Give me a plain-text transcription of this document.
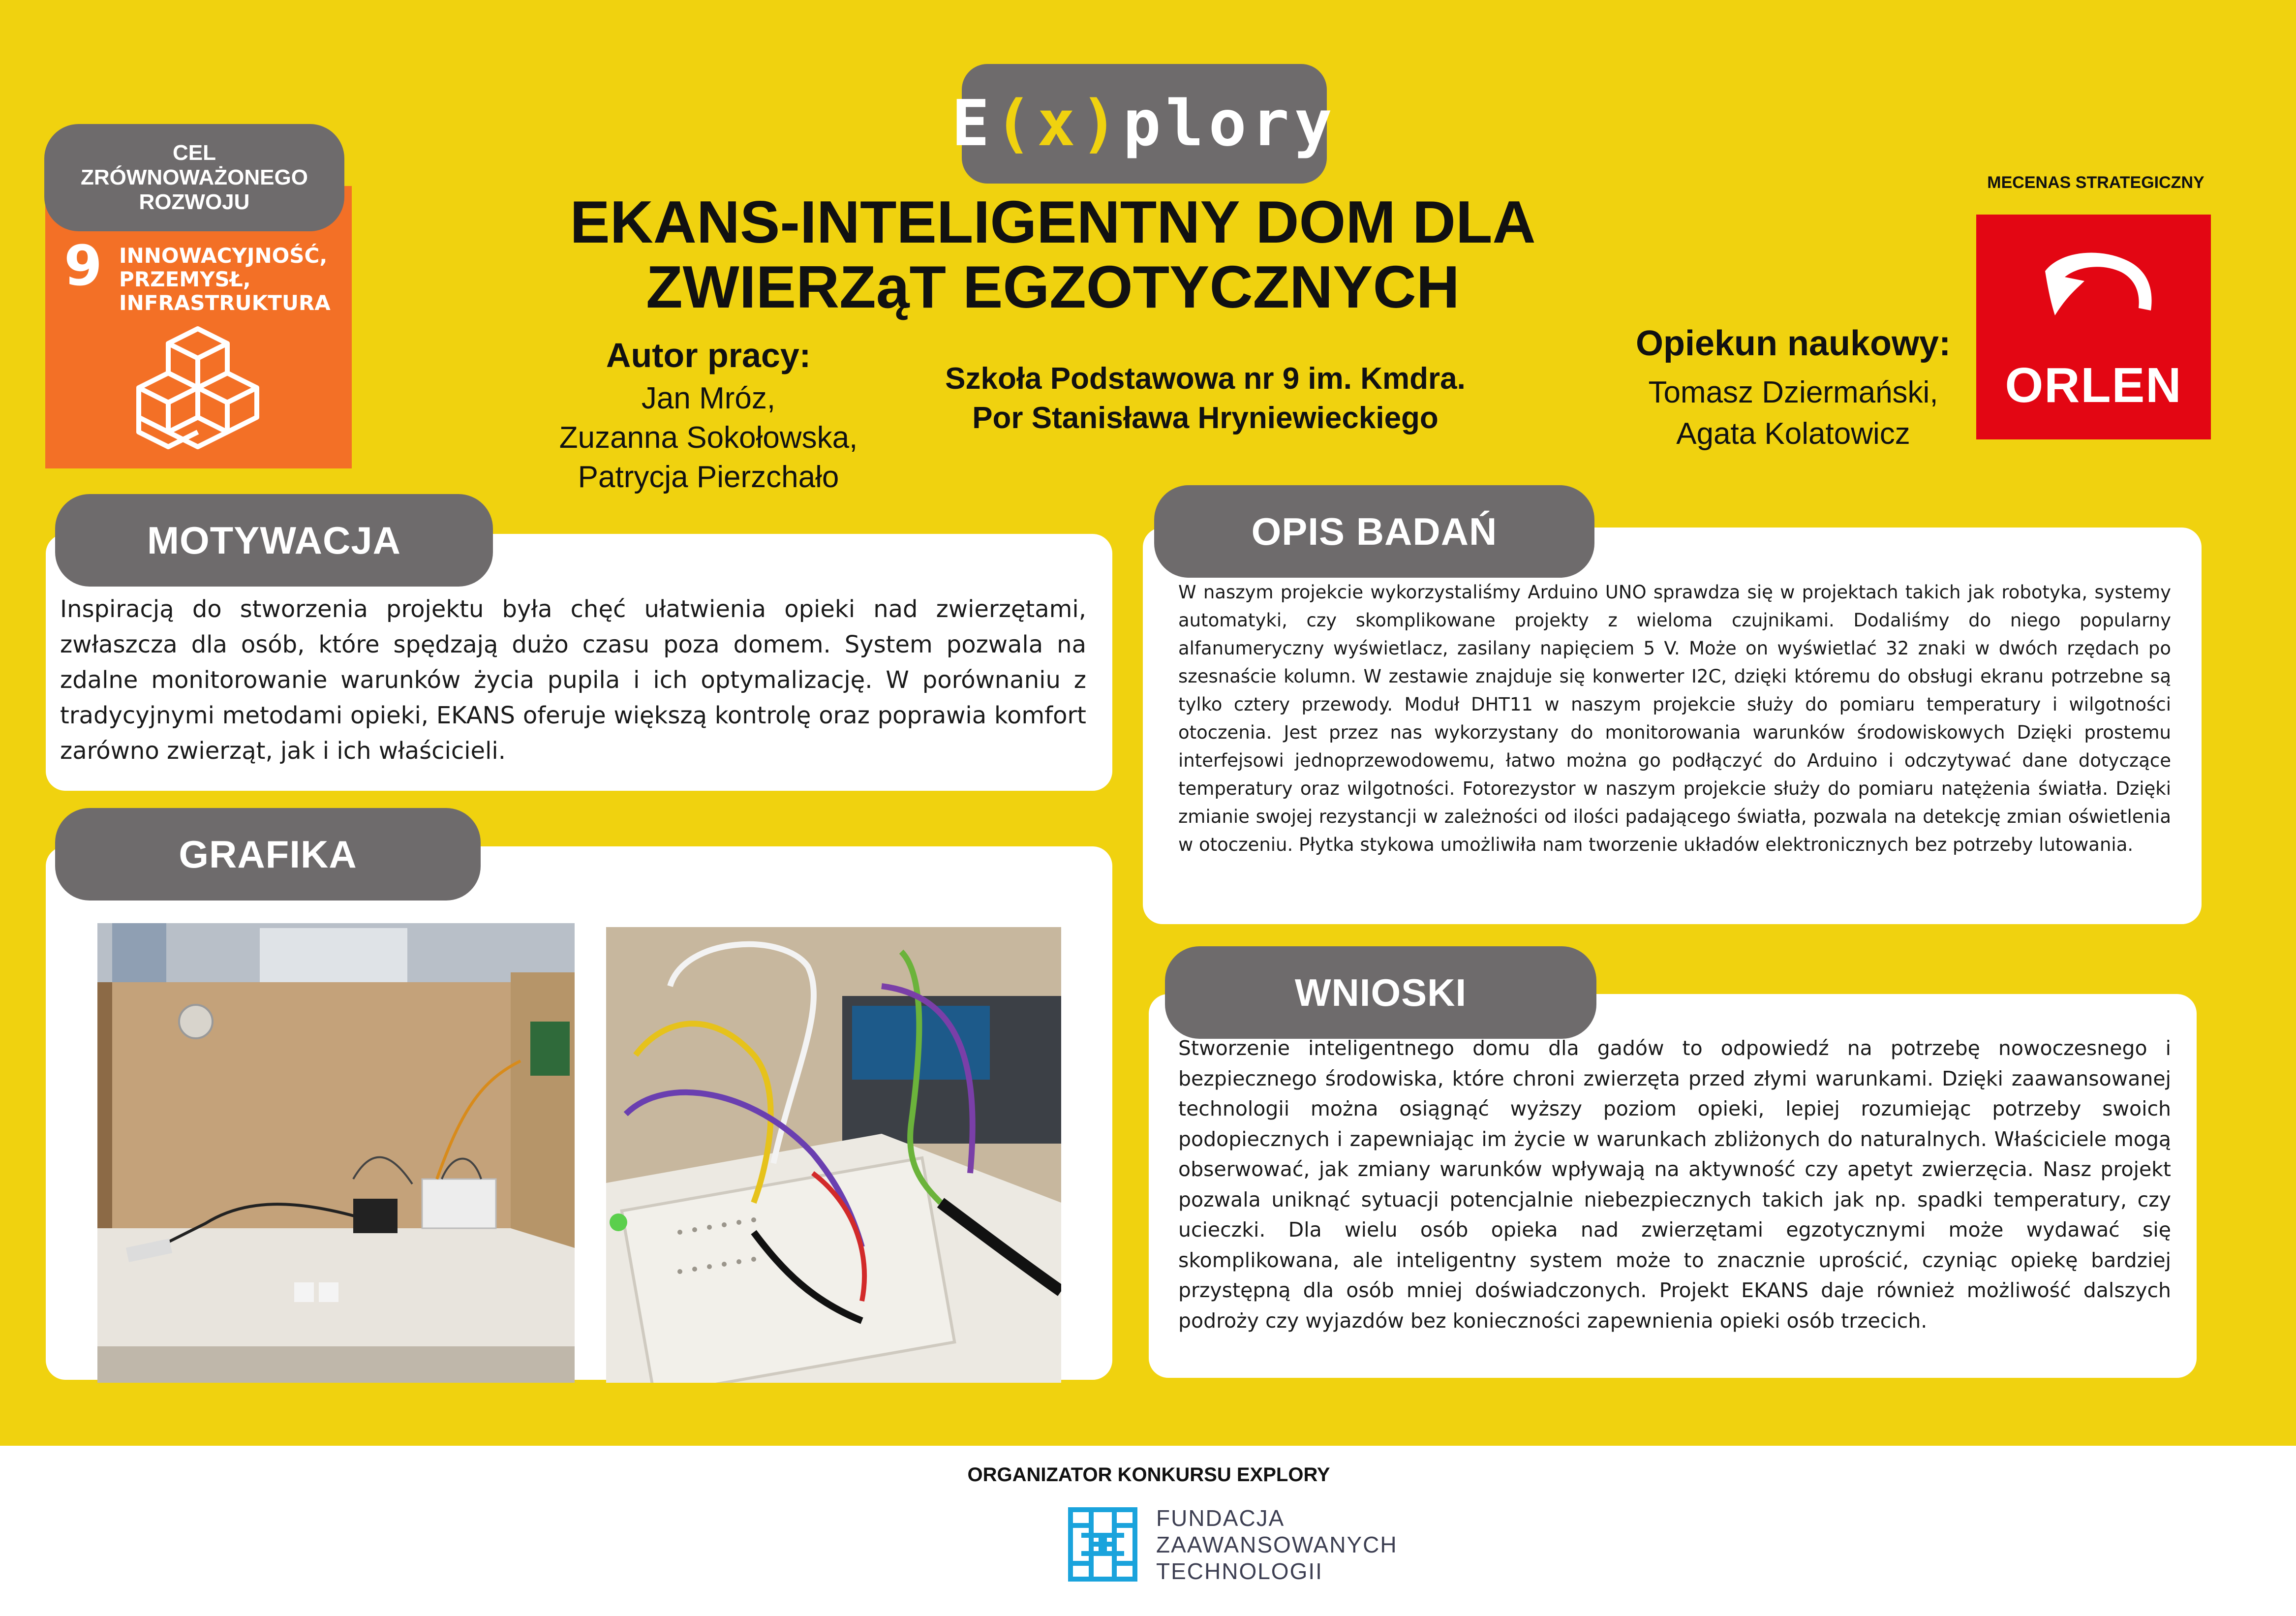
E (x) plory
9 INNOWACYJNOŚĆ,
PRZEMYSŁ,
INFRASTRUKTURA
CEL
ZRÓWNOWAŻONEGO
ROZWOJU	EKANS-INTELIGENTNY DOM DLA
ZWIERZąT EGZOTYCZNYCH
Autor pracy:
Jan Mróz,
Zuzanna Sokołowska,
Patrycja Pierzchało
Szkoła Podstawowa nr 9 im. Kmdra.
Por Stanisława Hryniewieckiego
Opiekun naukowy:
Tomasz Dziermański,
Agata Kolatowicz
MECENAS STRATEGICZNY
ORLEN
MOTYWACJA
GRAFIKA
OPIS BADAŃ
WNIOSKI
Inspiracją do stworzenia projektu była chęć ułatwienia opieki nad zwierzętami, zwłaszcza dla osób, które spędzają dużo czasu poza domem. System pozwala na zdalne monitorowanie warunków życia pupila i ich optymalizację. W porównaniu z tradycyjnymi metodami opieki, EKANS oferuje większą kontrolę oraz poprawia komfort zarówno zwierząt, jak i ich właścicieli.
W naszym projekcie wykorzystaliśmy Arduino UNO sprawdza się w projektach takich jak robotyka, systemy automatyki, czy skomplikowane projekty z wieloma czujnikami. Dodaliśmy do niego popularny alfanumeryczny wyświetlacz, zasilany napięciem 5 V. Może on wyświetlać 32 znaki w dwóch rzędach po szesnaście kolumn. W zestawie znajduje się konwerter I2C, dzięki któremu do obsługi ekranu potrzebne są tylko cztery przewody. Moduł DHT11 w naszym projekcie służy do pomiaru temperatury i wilgotności otoczenia. Jest przez nas wykorzystany do monitorowania warunków środowiskowych Dzięki prostemu interfejsowi jednoprzewodowemu, łatwo można go podłączyć do Arduino i odczytywać dane dotyczące temperatury oraz wilgotności. Fotorezystor w naszym projekcie służy do pomiaru natężenia światła. Dzięki zmianie swojej rezystancji w zależności od ilości padającego światła, pozwala na detekcję zmian oświetlenia w otoczeniu. Płytka stykowa umożliwiła nam tworzenie układów elektronicznych bez potrzeby lutowania.
Stworzenie inteligentnego domu dla gadów to odpowiedź na potrzebę nowoczesnego i bezpiecznego środowiska, które chroni zwierzęta przed złymi warunkami. Dzięki zaawansowanej technologii można osiągnąć wyższy poziom opieki, lepiej rozumiejąc potrzeby swoich podopiecznych i zapewniając im życie w warunkach zbliżonych do naturalnych. Właściciele mogą obserwować, jak zmiany warunków wpływają na aktywność czy apetyt zwierzęcia. Nasz projekt pozwala uniknąć sytuacji potencjalnie niebezpiecznych takich jak np. spadki temperatury, czy ucieczki. Dla wielu osób opieka nad zwierzętami egzotycznymi może wydawać się skomplikowana, ale inteligentny system może to znacznie uprościć, czyniąc opiekę bardziej przystępną dla osób mniej doświadczonych. Projekt EKANS daje również możliwość dalszych podroży czy wyjazdów bez konieczności zapewnienia opieki osób trzecich.
ORGANIZATOR KONKURSU EXPLORY
FUNDACJA
ZAAWANSOWANYCH
TECHNOLOGII
